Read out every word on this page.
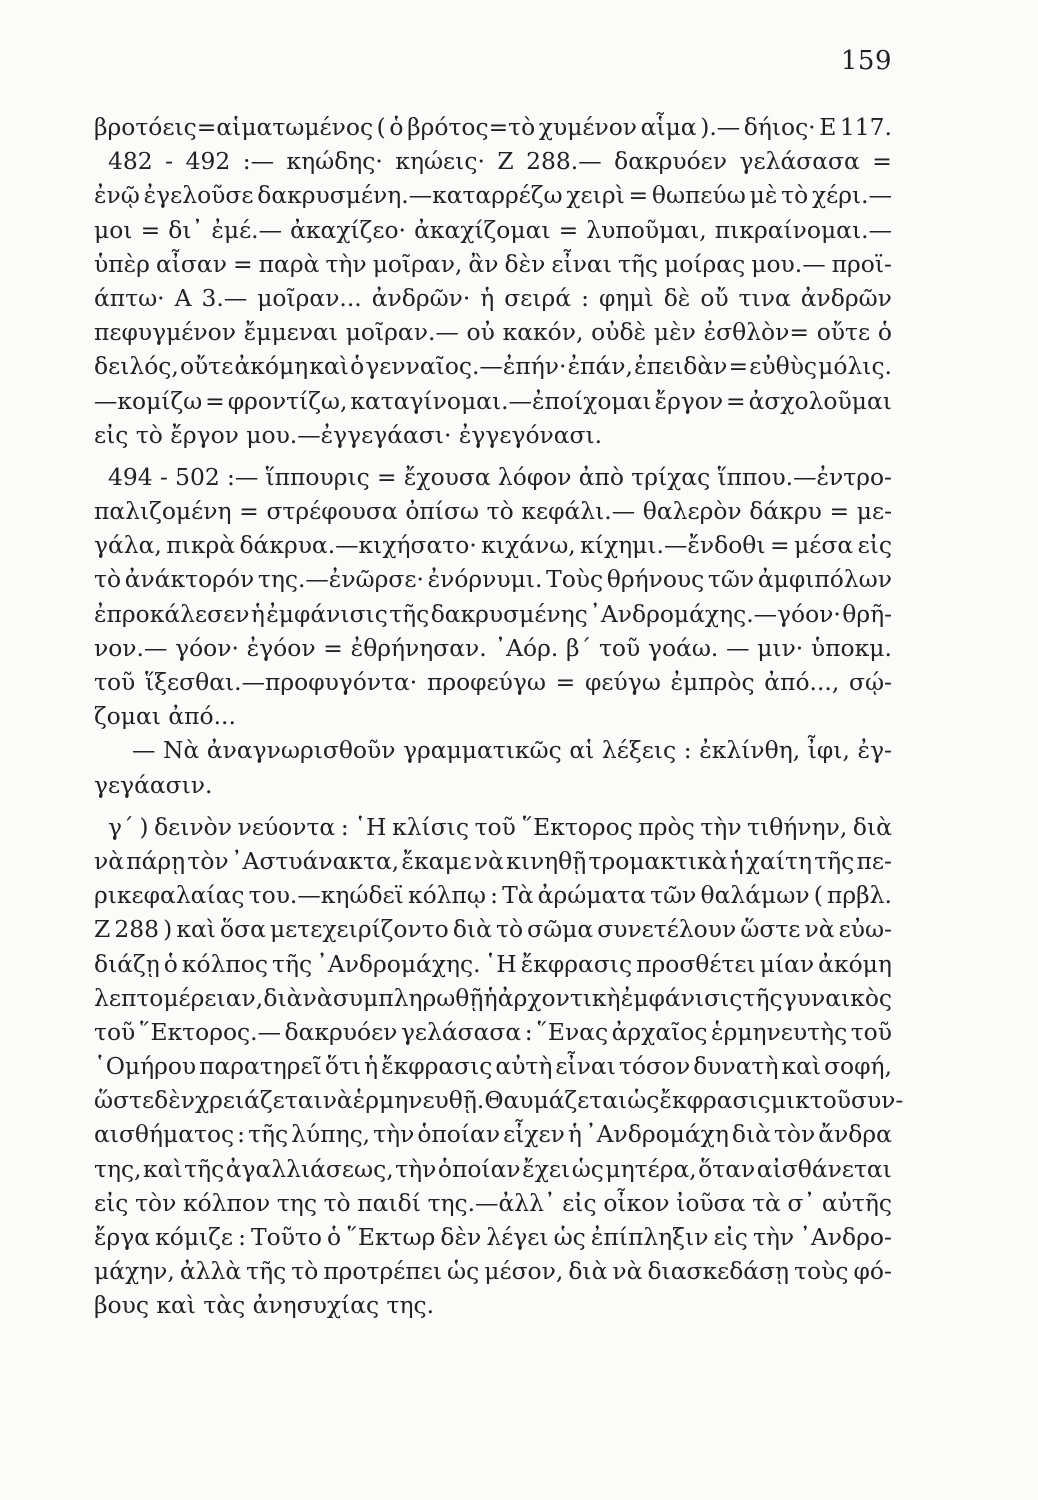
159
βροτόεις=αἱματωμένος ( ὁ βρότος=τὸ χυμένον αἷμα ).— δήιος· Ε 117.
482 - 492 :— κηώδης· κηώεις· Ζ 288.— δακρυόεν γελάσασα =
ἐνῷ ἐγελοῦσε δακρυσμένη.—καταρρέζω χειρὶ = θωπεύω μὲ τὸ χέρι.—
μοι = δι᾽ ἐμέ.— ἀκαχίζεο· ἀκαχίζομαι = λυποῦμαι, πικραίνομαι.—
ὑπὲρ αἶσαν = παρὰ τὴν μοῖραν, ἂν δὲν εἶναι τῆς μοίρας μου.— προϊ-
άπτω· Α 3.— μοῖραν... ἀνδρῶν· ἡ σειρά : φημὶ δὲ οὔ τινα ἀνδρῶν
πεφυγμένον ἔμμεναι μοῖραν.— οὐ κακόν, οὐδὲ μὲν ἐσθλὸν= οὔτε ὁ
δειλός, οὔτε ἀκόμη καὶ ὁ γενναῖος.—ἐπήν· ἐπάν, ἐπειδὰν = εὐθὺς μόλις.
—κομίζω = φροντίζω, καταγίνομαι.—ἐποίχομαι ἔργον = ἀσχολοῦμαι
εἰς τὸ ἔργον μου.—ἐγγεγάασι· ἐγγεγόνασι.
494 - 502 :— ἵππουρις = ἔχουσα λόφον ἀπὸ τρίχας ἵππου.—ἐντρο-
παλιζομένη = στρέφουσα ὀπίσω τὸ κεφάλι.— θαλερὸν δάκρυ = με-
γάλα, πικρὰ δάκρυα.—κιχήσατο· κιχάνω, κίχημι.—ἔνδοθι = μέσα εἰς
τὸ ἀνάκτορόν της.—ἐνῶρσε· ἐνόρνυμι. Τοὺς θρήνους τῶν ἀμφιπόλων
ἐπροκάλεσεν ἡ ἐμφάνισις τῆς δακρυσμένης ᾿Ανδρομάχης.—γόον· θρῆ-
νον.— γόον· ἐγόον = ἐθρήνησαν. ᾿Αόρ. β΄ τοῦ γοάω. — μιν· ὑποκμ.
τοῦ ἵξεσθαι.—προφυγόντα· προφεύγω = φεύγω ἐμπρὸς ἀπό..., σῴ-
ζομαι ἀπό...
— Νὰ ἀναγνωρισθοῦν γραμματικῶς αἱ λέξεις : ἐκλίνθη, ἶφι, ἐγ-
γεγάασιν.
γ΄ ) δεινὸν νεύοντα : ῾Η κλίσις τοῦ ῞Εκτορος πρὸς τὴν τιθήνην, διὰ
νὰ πάρῃ τὸν ᾿Αστυάνακτα, ἔκαμε νὰ κινηθῇ τρομακτικὰ ἡ χαίτη τῆς πε-
ρικεφαλαίας του.—κηώδεϊ κόλπῳ : Τὰ ἀρώματα τῶν θαλάμων ( πρβλ.
Ζ 288 ) καὶ ὅσα μετεχειρίζοντο διὰ τὸ σῶμα συνετέλουν ὥστε νὰ εὐω-
διάζῃ ὁ κόλπος τῆς ᾿Ανδρομάχης. ῾Η ἔκφρασις προσθέτει μίαν ἀκόμη
λεπτομέρειαν, διὰ νὰ συμπληρωθῇ ἡ ἀρχοντικὴ ἐμφάνισις τῆς γυναικὸς
τοῦ ῞Εκτορος.— δακρυόεν γελάσασα : ῞Ενας ἀρχαῖος ἑρμηνευτὴς τοῦ
῾Ομήρου παρατηρεῖ ὅτι ἡ ἔκφρασις αὐτὴ εἶναι τόσον δυνατὴ καὶ σοφή,
ὥστε δὲν χρειάζεται νὰ ἑρμηνευθῇ. Θαυμάζεται ὡς ἔκφρασις μικτοῦ συν-
αισθήματος : τῆς λύπης, τὴν ὁποίαν εἶχεν ἡ ᾿Ανδρομάχη διὰ τὸν ἄνδρα
της, καὶ τῆς ἀγαλλιάσεως, τὴν ὁποίαν ἔχει ὡς μητέρα, ὅταν αἰσθάνεται
εἰς τὸν κόλπον της τὸ παιδί της.—ἀλλ᾽ εἰς οἶκον ἰοῦσα τὰ σ᾽ αὐτῆς
ἔργα κόμιζε : Τοῦτο ὁ ῞Εκτωρ δὲν λέγει ὡς ἐπίπληξιν εἰς τὴν ᾿Ανδρο-
μάχην, ἀλλὰ τῆς τὸ προτρέπει ὡς μέσον, διὰ νὰ διασκεδάσῃ τοὺς φό-
βους καὶ τὰς ἀνησυχίας της.
